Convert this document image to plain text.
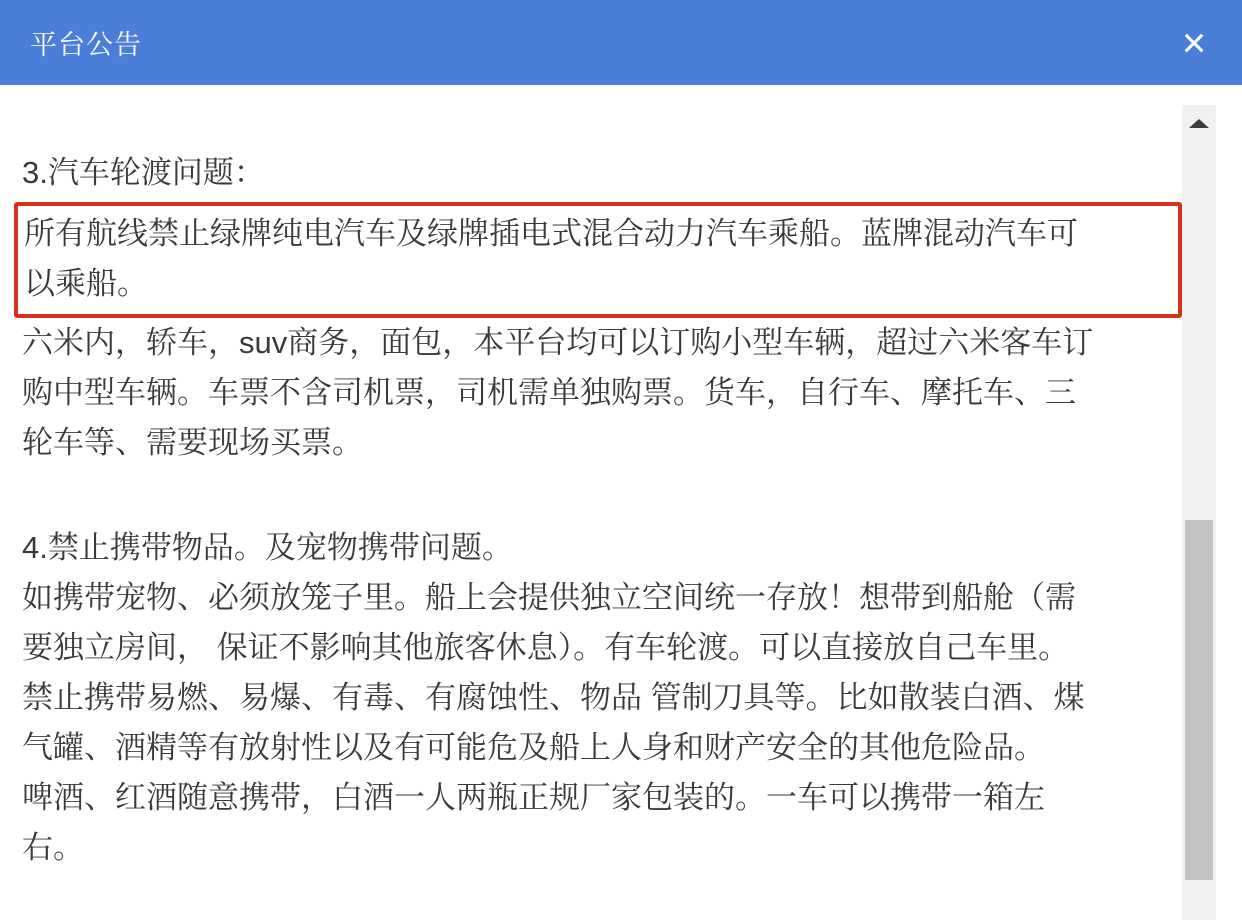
平台公告	×
3.汽车轮渡问题：
所有航线禁止绿牌纯电汽车及绿牌插电式混合动力汽车乘船。蓝牌混动汽车可
以乘船。
六米内，轿车，suv商务，面包，本平台均可以订购小型车辆，超过六米客车订
购中型车辆。车票不含司机票，司机需单独购票。货车，自行车、摩托车、三
轮车等、需要现场买票。
4.禁止携带物品。及宠物携带问题。
如携带宠物、必须放笼子里。船上会提供独立空间统一存放！想带到船舱（需
要独立房间， 保证不影响其他旅客休息）。有车轮渡。可以直接放自己车里。
禁止携带易燃、易爆、有毒、有腐蚀性、物品 管制刀具等。比如散装白酒、煤
气罐、酒精等有放射性以及有可能危及船上人身和财产安全的其他危险品。
啤酒、红酒随意携带，白酒一人两瓶正规厂家包装的。一车可以携带一箱左
右。
